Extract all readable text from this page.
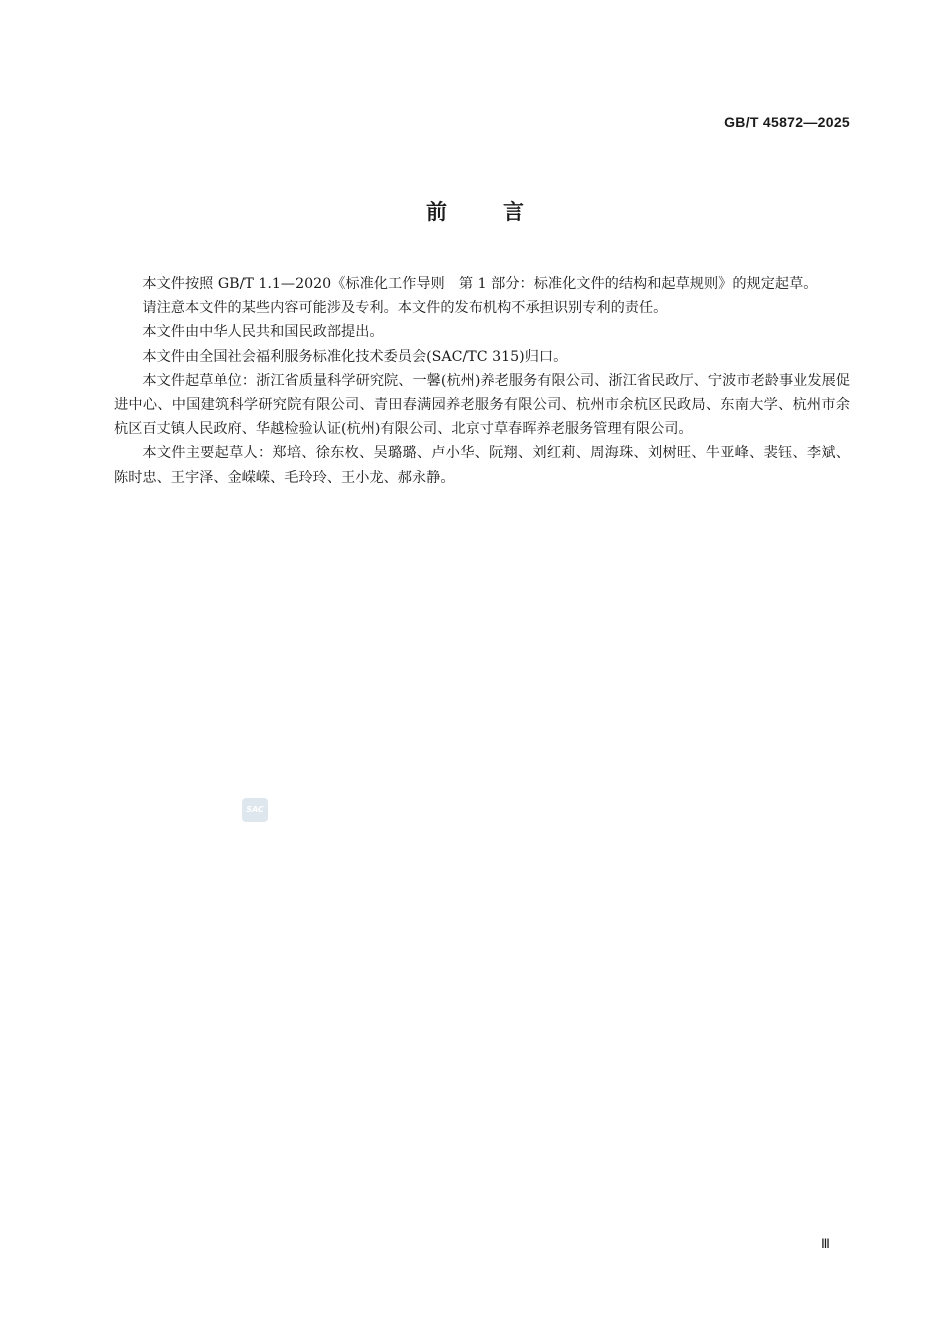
GB/T 45872—2025
前言

本文件按照 GB/T 1.1—2020《标准化工作导则　第 1 部分：标准化文件的结构和起草规则》的规定起草。

请注意本文件的某些内容可能涉及专利。本文件的发布机构不承担识别专利的责任。

本文件由中华人民共和国民政部提出。

本文件由全国社会福利服务标准化技术委员会(SAC/TC 315)归口。

本文件起草单位：浙江省质量科学研究院、一馨(杭州)养老服务有限公司、浙江省民政厅、宁波市老龄事业发展促进中心、中国建筑科学研究院有限公司、青田春满园养老服务有限公司、杭州市余杭区民政局、东南大学、杭州市余杭区百丈镇人民政府、华越检验认证(杭州)有限公司、北京寸草春晖养老服务管理有限公司。

本文件主要起草人：郑培、徐东枚、吴璐璐、卢小华、阮翔、刘红莉、周海珠、刘树旺、牛亚峰、裴钰、李斌、陈时忠、王宇泽、金嵘嵘、毛玲玲、王小龙、郝永静。

SAC
Ⅲ
